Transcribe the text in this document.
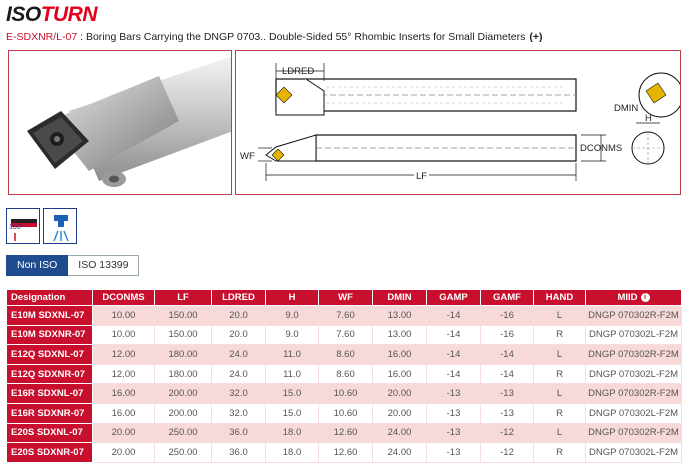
ISOTURN
E-SDXNR/L-07 : Boring Bars Carrying the DNGP 0703.. Double-Sided 55° Rhombic Inserts for Small Diameters (+)
LDRED
DMIN
H
WF
DCONMS
LF
100°
Non ISO	ISO 13399
Designation	DCONMS	LF	LDRED	H	WF	DMIN	GAMP	GAMF	HAND	MIID i
E10M SDXNL-07	10.00	150.00	20.0	9.0	7.60	13.00	-14	-16	L	DNGP 070302R-F2M
E10M SDXNR-07	10.00	150.00	20.0	9.0	7.60	13.00	-14	-16	R	DNGP 070302L-F2M
E12Q SDXNL-07	12.00	180.00	24.0	11.0	8.60	16.00	-14	-14	L	DNGP 070302R-F2M
E12Q SDXNR-07	12.00	180.00	24.0	11.0	8.60	16.00	-14	-14	R	DNGP 070302L-F2M
E16R SDXNL-07	16.00	200.00	32.0	15.0	10.60	20.00	-13	-13	L	DNGP 070302R-F2M
E16R SDXNR-07	16.00	200.00	32.0	15.0	10.60	20.00	-13	-13	R	DNGP 070302L-F2M
E20S SDXNL-07	20.00	250.00	36.0	18.0	12.60	24.00	-13	-12	L	DNGP 070302R-F2M
E20S SDXNR-07	20.00	250.00	36.0	18.0	12.60	24.00	-13	-12	R	DNGP 070302L-F2M
